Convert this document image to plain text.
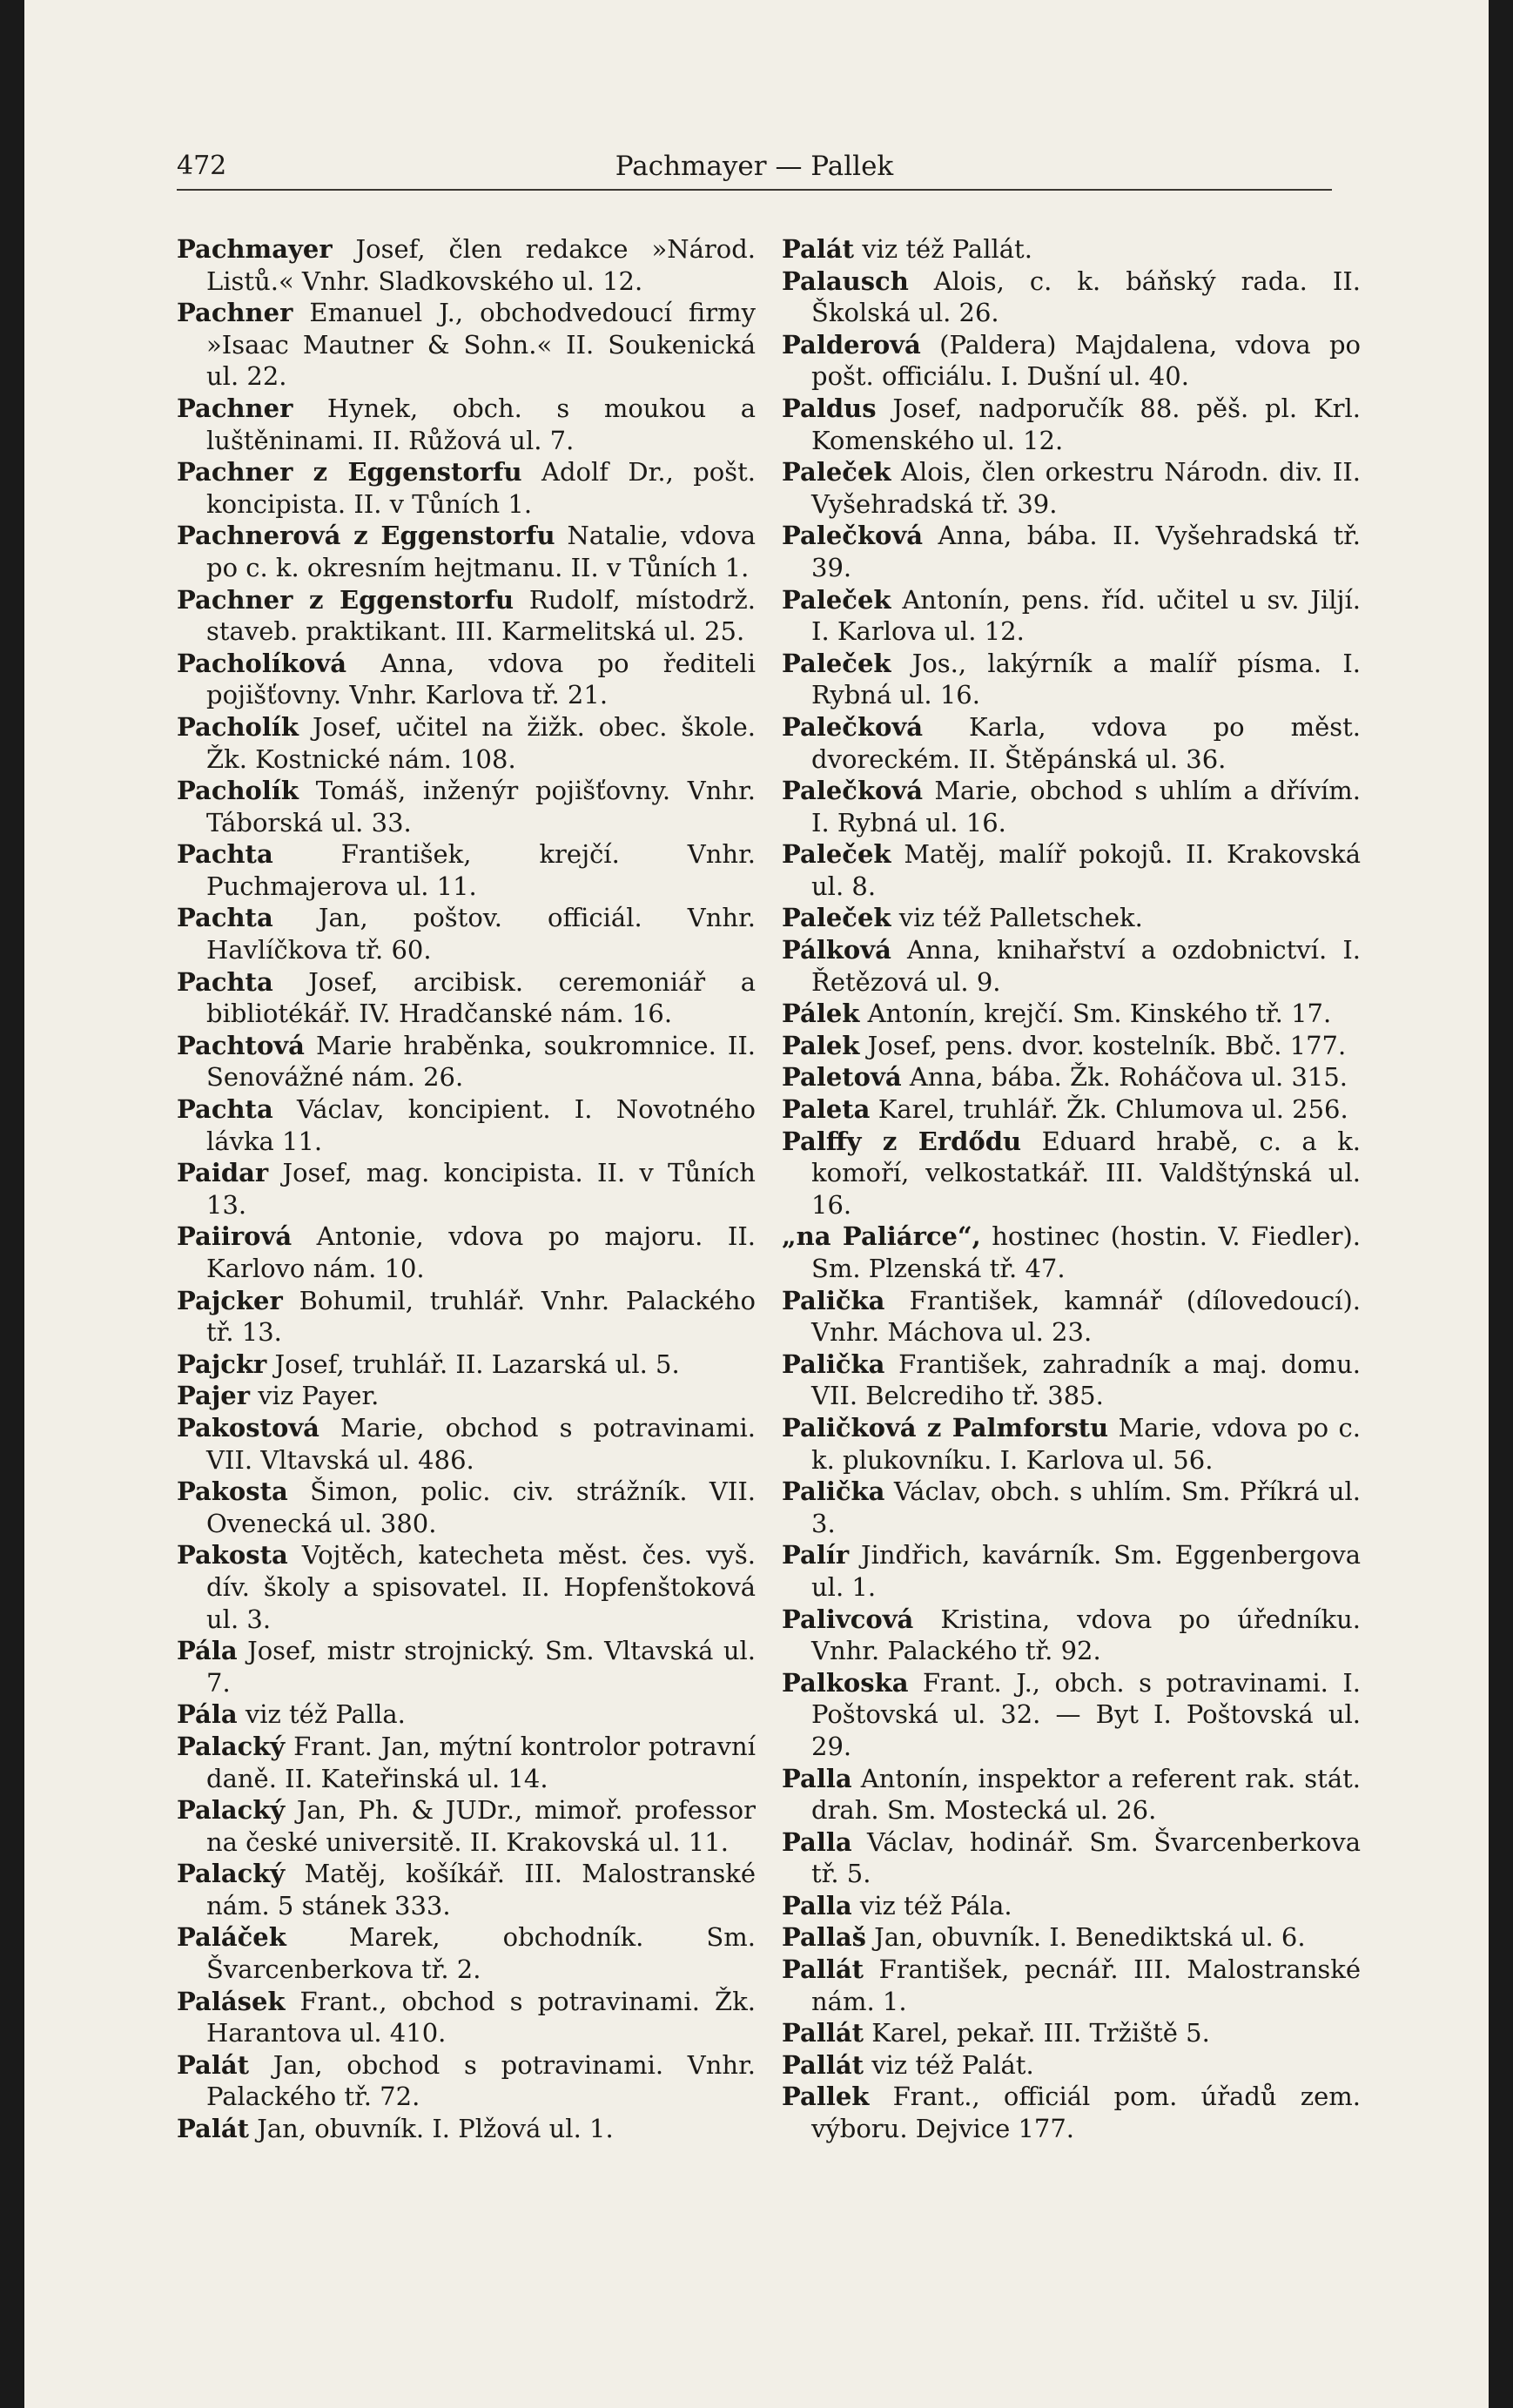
472	Pachmayer — Pallek

Pachmayer Josef, člen redakce »Národ. Listů.« Vnhr. Sladkovského ul. 12.

Pachner Emanuel J., obchodvedoucí firmy »Isaac Mautner & Sohn.« II. Soukenická ul. 22.

Pachner Hynek, obch. s moukou a luštěninami. II. Růžová ul. 7.

Pachner z Eggenstorfu Adolf Dr., pošt. koncipista. II. v Tůních 1.

Pachnerová z Eggenstorfu Natalie, vdova po c. k. okresním hejtmanu. II. v Tůních 1.

Pachner z Eggenstorfu Rudolf, místodrž. staveb. praktikant. III. Karmelitská ul. 25.

Pacholíková Anna, vdova po řediteli pojišťovny. Vnhr. Karlova tř. 21.

Pacholík Josef, učitel na žižk. obec. škole. Žk. Kostnické nám. 108.

Pacholík Tomáš, inženýr pojišťovny. Vnhr. Táborská ul. 33.

Pachta František, krejčí. Vnhr. Puchmajerova ul. 11.

Pachta Jan, poštov. officiál. Vnhr. Havlíčkova tř. 60.

Pachta Josef, arcibisk. ceremoniář a bibliotékář. IV. Hradčanské nám. 16.

Pachtová Marie hraběnka, soukromnice. II. Senovážné nám. 26.

Pachta Václav, koncipient. I. Novotného lávka 11.

Paidar Josef, mag. koncipista. II. v Tůních 13.

Paiirová Antonie, vdova po majoru. II. Karlovo nám. 10.

Pajcker Bohumil, truhlář. Vnhr. Palackého tř. 13.

Pajckr Josef, truhlář. II. Lazarská ul. 5.

Pajer viz Payer.

Pakostová Marie, obchod s potravinami. VII. Vltavská ul. 486.

Pakosta Šimon, polic. civ. strážník. VII. Ovenecká ul. 380.

Pakosta Vojtěch, katecheta měst. čes. vyš. dív. školy a spisovatel. II. Hopfenštoková ul. 3.

Pála Josef, mistr strojnický. Sm. Vltavská ul. 7.

Pála viz též Palla.

Palacký Frant. Jan, mýtní kontrolor potravní daně. II. Kateřinská ul. 14.

Palacký Jan, Ph. & JUDr., mimoř. professor na české universitě. II. Krakovská ul. 11.

Palacký Matěj, košíkář. III. Malostranské nám. 5 stánek 333.

Paláček Marek, obchodník. Sm. Švarcenberkova tř. 2.

Palásek Frant., obchod s potravinami. Žk. Harantova ul. 410.

Palát Jan, obchod s potravinami. Vnhr. Palackého tř. 72.

Palát Jan, obuvník. I. Plžová ul. 1.

Palát viz též Pallát.

Palausch Alois, c. k. báňský rada. II. Školská ul. 26.

Palderová (Paldera) Majdalena, vdova po pošt. officiálu. I. Dušní ul. 40.

Paldus Josef, nadporučík 88. pěš. pl. Krl. Komenského ul. 12.

Paleček Alois, člen orkestru Národn. div. II. Vyšehradská tř. 39.

Palečková Anna, bába. II. Vyšehradská tř. 39.

Paleček Antonín, pens. říd. učitel u sv. Jiljí. I. Karlova ul. 12.

Paleček Jos., lakýrník a malíř písma. I. Rybná ul. 16.

Palečková Karla, vdova po měst. dvoreckém. II. Štěpánská ul. 36.

Palečková Marie, obchod s uhlím a dřívím. I. Rybná ul. 16.

Paleček Matěj, malíř pokojů. II. Krakovská ul. 8.

Paleček viz též Palletschek.

Pálková Anna, knihařství a ozdobnictví. I. Řetězová ul. 9.

Pálek Antonín, krejčí. Sm. Kinského tř. 17.

Palek Josef, pens. dvor. kostelník. Bbč. 177.

Paletová Anna, bába. Žk. Roháčova ul. 315.

Paleta Karel, truhlář. Žk. Chlumova ul. 256.

Palffy z Erdődu Eduard hrabě, c. a k. komoří, velkostatkář. III. Valdštýnská ul. 16.

„na Paliárce“, hostinec (hostin. V. Fiedler). Sm. Plzenská tř. 47.

Palička František, kamnář (dílovedoucí). Vnhr. Máchova ul. 23.

Palička František, zahradník a maj. domu. VII. Belcrediho tř. 385.

Paličková z Palmforstu Marie, vdova po c. k. plukovníku. I. Karlova ul. 56.

Palička Václav, obch. s uhlím. Sm. Příkrá ul. 3.

Palír Jindřich, kavárník. Sm. Eggenbergova ul. 1.

Palivcová Kristina, vdova po úředníku. Vnhr. Palackého tř. 92.

Palkoska Frant. J., obch. s potravinami. I. Poštovská ul. 32. — Byt I. Poštovská ul. 29.

Palla Antonín, inspektor a referent rak. stát. drah. Sm. Mostecká ul. 26.

Palla Václav, hodinář. Sm. Švarcenberkova tř. 5.

Palla viz též Pála.

Pallaš Jan, obuvník. I. Benediktská ul. 6.

Pallát František, pecnář. III. Malostranské nám. 1.

Pallát Karel, pekař. III. Tržiště 5.

Pallát viz též Palát.

Pallek Frant., officiál pom. úřadů zem. výboru. Dejvice 177.
